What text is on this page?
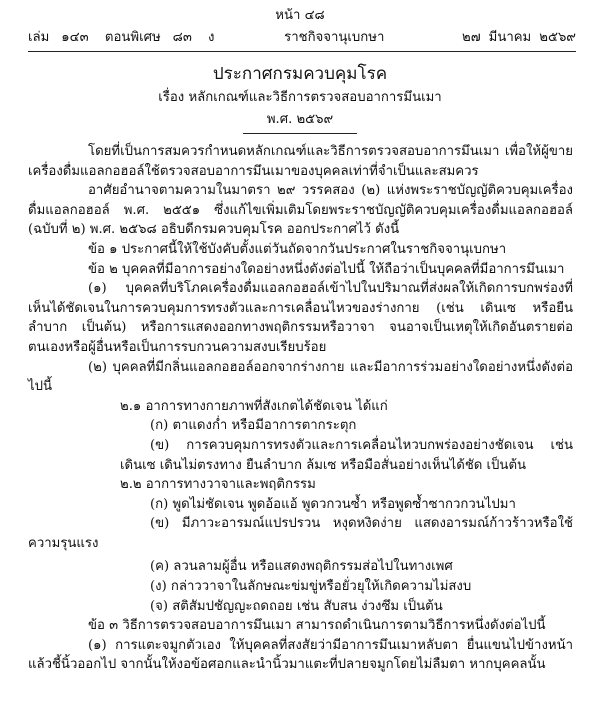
หน้า ๔๘
เล่ม ๑๔๓ ตอนพิเศษ ๘๓ ง	ราชกิจจานุเบกษา	๒๗ มีนาคม ๒๕๖๙
ประกาศกรมควบคุมโรค
เรื่อง หลักเกณฑ์และวิธีการตรวจสอบอาการมึนเมา
พ.ศ. ๒๕๖๙

โดยที่เป็นการสมควรกำหนดหลักเกณฑ์และวิธีการตรวจสอบอาการมึนเมา เพื่อให้ผู้ขายเครื่องดื่มแอลกอฮอล์ใช้ตรวจสอบอาการมึนเมาของบุคคลเท่าที่จำเป็นและสมควร

อาศัยอำนาจตามความในมาตรา ๒๙ วรรคสอง (๒) แห่งพระราชบัญญัติควบคุมเครื่องดื่มแอลกอฮอล์ พ.ศ. ๒๕๕๑ ซึ่งแก้ไขเพิ่มเติมโดยพระราชบัญญัติควบคุมเครื่องดื่มแอลกอฮอล์ (ฉบับที่ ๒) พ.ศ. ๒๕๖๘ อธิบดีกรมควบคุมโรค ออกประกาศไว้ ดังนี้

ข้อ ๑ ประกาศนี้ให้ใช้บังคับตั้งแต่วันถัดจากวันประกาศในราชกิจจานุเบกษา

ข้อ ๒ บุคคลที่มีอาการอย่างใดอย่างหนึ่งดังต่อไปนี้ ให้ถือว่าเป็นบุคคลที่มีอาการมึนเมา

(๑) บุคคลที่บริโภคเครื่องดื่มแอลกอฮอล์เข้าไปในปริมาณที่ส่งผลให้เกิดการบกพร่องที่เห็นได้ชัดเจนในการควบคุมการทรงตัวและการเคลื่อนไหวของร่างกาย (เช่น เดินเซ หรือยืนลำบาก เป็นต้น) หรือการแสดงออกทางพฤติกรรมหรือวาจา จนอาจเป็นเหตุให้เกิดอันตรายต่อตนเองหรือผู้อื่นหรือเป็นการรบกวนความสงบเรียบร้อย

(๒) บุคคลที่มีกลิ่นแอลกอฮอล์ออกจากร่างกาย และมีอาการร่วมอย่างใดอย่างหนึ่งดังต่อไปนี้

๒.๑ อาการทางกายภาพที่สังเกตได้ชัดเจน ได้แก่

(ก) ตาแดงก่ำ หรือมีอาการตากระตุก

(ข) การควบคุมการทรงตัวและการเคลื่อนไหวบกพร่องอย่างชัดเจน เช่น เดินเซ เดินไม่ตรงทาง ยืนลำบาก ล้มเซ หรือมือสั่นอย่างเห็นได้ชัด เป็นต้น

๒.๒ อาการทางวาจาและพฤติกรรม

(ก) พูดไม่ชัดเจน พูดอ้อแอ้ พูดวกวนซ้ำ หรือพูดซ้ำซากวกวนไปมา

(ข) มีภาวะอารมณ์แปรปรวน หงุดหงิดง่าย แสดงอารมณ์ก้าวร้าวหรือใช้ความรุนแรง

(ค) ลวนลามผู้อื่น หรือแสดงพฤติกรรมส่อไปในทางเพศ

(ง) กล่าววาจาในลักษณะข่มขู่หรือยั่วยุให้เกิดความไม่สงบ

(จ) สติสัมปชัญญะถดถอย เช่น สับสน ง่วงซึม เป็นต้น

ข้อ ๓ วิธีการตรวจสอบอาการมึนเมา สามารถดำเนินการตามวิธีการหนึ่งดังต่อไปนี้

(๑) การแตะจมูกตัวเอง ให้บุคคลที่สงสัยว่ามีอาการมึนเมาหลับตา ยื่นแขนไปข้างหน้าแล้วชี้นิ้วออกไป จากนั้นให้งอข้อศอกและนำนิ้วมาแตะที่ปลายจมูกโดยไม่ลืมตา หากบุคคลนั้น
